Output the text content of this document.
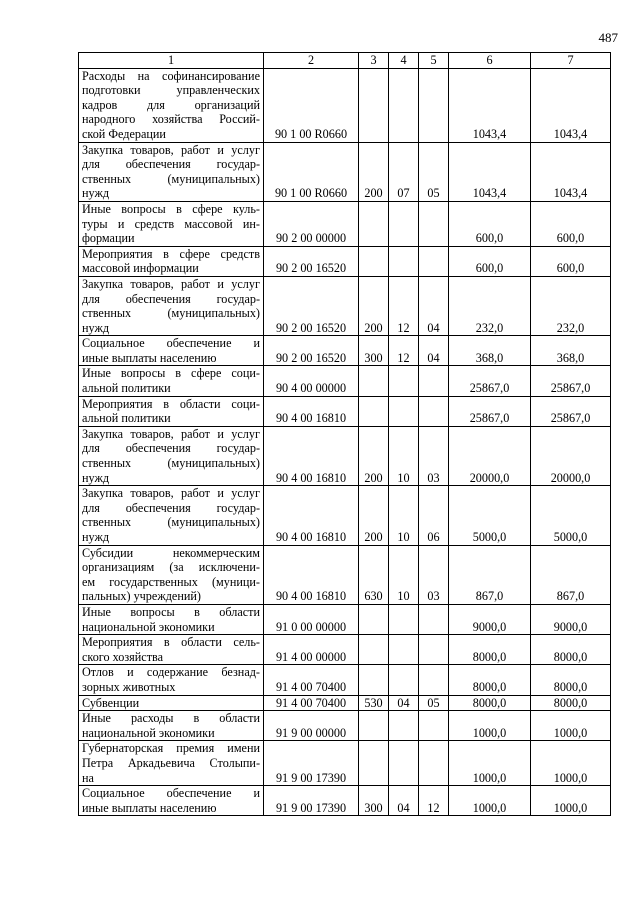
487
1	2	3	4	5	6	7

Расходы на софинансирование
подготовки управленческих
кадров для организаций
народного хозяйства Россий-
ской Федерации	90 1 00 R0660				1043,4	1043,4

Закупка товаров, работ и услуг
для обеспечения государ-
ственных (муниципальных)
нужд	90 1 00 R0660	200	07	05	1043,4	1043,4

Иные вопросы в сфере куль-
туры и средств массовой ин-
формации	90 2 00 00000				600,0	600,0

Мероприятия в сфере средств
массовой информации	90 2 00 16520				600,0	600,0

Закупка товаров, работ и услуг
для обеспечения государ-
ственных (муниципальных)
нужд	90 2 00 16520	200	12	04	232,0	232,0

Социальное обеспечение и
иные выплаты населению	90 2 00 16520	300	12	04	368,0	368,0

Иные вопросы в сфере соци-
альной политики	90 4 00 00000				25867,0	25867,0

Мероприятия в области соци-
альной политики	90 4 00 16810				25867,0	25867,0

Закупка товаров, работ и услуг
для обеспечения государ-
ственных (муниципальных)
нужд	90 4 00 16810	200	10	03	20000,0	20000,0

Закупка товаров, работ и услуг
для обеспечения государ-
ственных (муниципальных)
нужд	90 4 00 16810	200	10	06	5000,0	5000,0

Субсидии некоммерческим
организациям (за исключени-
ем государственных (муници-
пальных) учреждений)	90 4 00 16810	630	10	03	867,0	867,0

Иные вопросы в области
национальной экономики	91 0 00 00000				9000,0	9000,0

Мероприятия в области сель-
ского хозяйства	91 4 00 00000				8000,0	8000,0

Отлов и содержание безнад-
зорных животных	91 4 00 70400				8000,0	8000,0

Субвенции	91 4 00 70400	530	04	05	8000,0	8000,0

Иные расходы в области
национальной экономики	91 9 00 00000				1000,0	1000,0

Губернаторская премия имени
Петра Аркадьевича Столыпи-
на	91 9 00 17390				1000,0	1000,0

Социальное обеспечение и
иные выплаты населению	91 9 00 17390	300	04	12	1000,0	1000,0
